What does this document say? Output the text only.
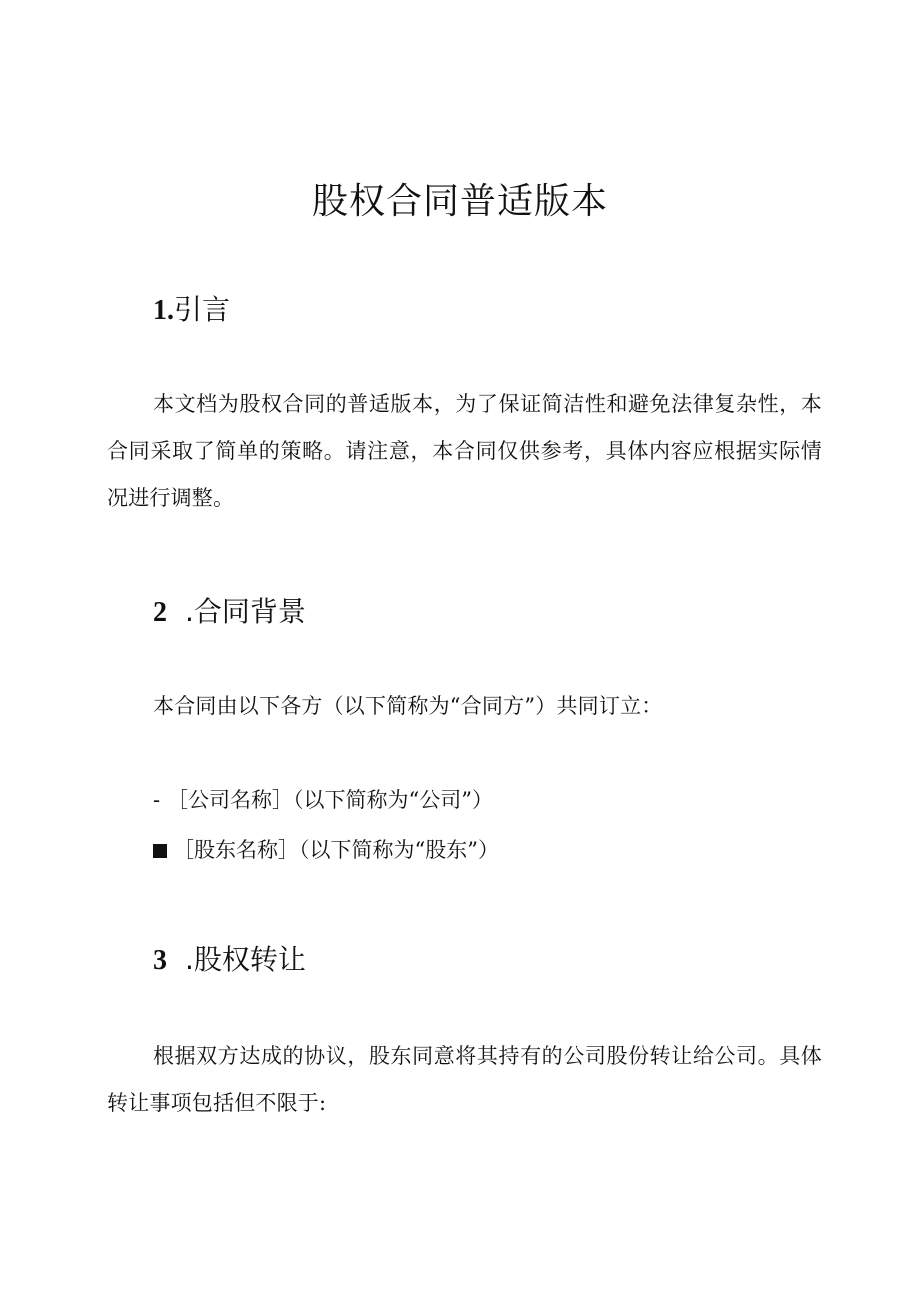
股权合同普适版本
1.引言

本文档为股权合同的普适版本，为了保证简洁性和避免法律复杂性，本合同采取了简单的策略。请注意，本合同仅供参考，具体内容应根据实际情况进行调整。

2 .合同背景

本合同由以下各方（以下简称为“合同方”）共同订立：

- ［公司名称］（以下简称为“公司”）
［股东名称］（以下简称为“股东”）
3 .股权转让

根据双方达成的协议，股东同意将其持有的公司股份转让给公司。具体转让事项包括但不限于:
